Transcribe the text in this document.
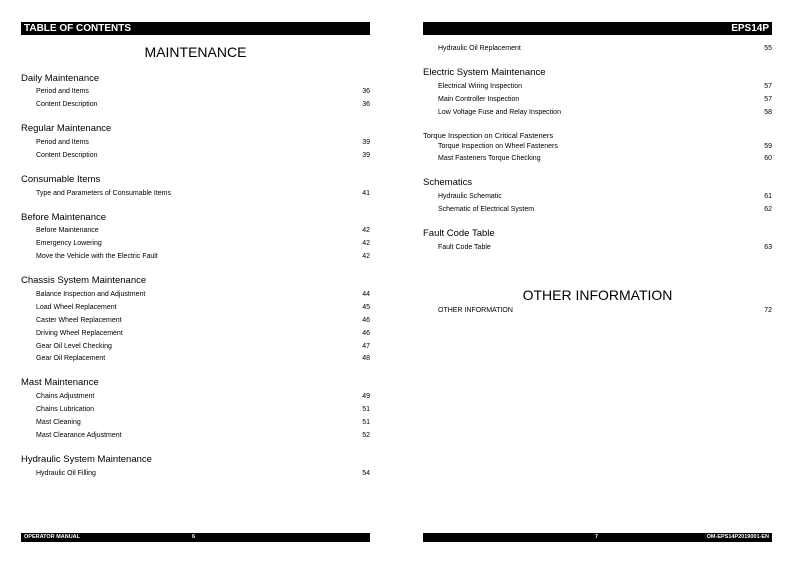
TABLE OF CONTENTS
MAINTENANCE
Daily Maintenance
Period and Items	36
Content Description	36
Regular Maintenance
Period and Items	39
Content Description	39
Consumable Items
Type and Parameters of Consumable Items	41
Before Maintenance
Before Maintenance	42
Emergency Lowering	42
Move the Vehicle with the Electric Fault	42
Chassis System Maintenance
Balance Inspection and Adjustment	44
Load Wheel Replacement	45
Caster Wheel Replacement	46
Driving Wheel Replacement	46
Gear Oil Level Checking	47
Gear Oil Replacement	48
Mast Maintenance
Chains Adjustment	49
Chains Lubrication	51
Mast Cleaning	51
Mast Clearance Adjustment	52
Hydraulic System Maintenance
Hydraulic Oil Filling	54
OPERATOR MANUAL	6
EPS14P
Hydraulic Oil Replacement	55
Electric System Maintenance
Electrical Wiring Inspection	57
Main Controller Inspection	57
Low Voltage Fuse and Relay Inspection	58
Torque Inspection on Critical Fasteners
Torque Inspection on Wheel Fasteners	59
Mast Fasteners Torque Checking	60
Schematics
Hydraulic Schematic	61
Schematic of Electrical System	62
Fault Code Table
Fault Code Table	63
OTHER INFORMATION
OTHER INFORMATION	72
7	OM-EPS14P2019001-EN
